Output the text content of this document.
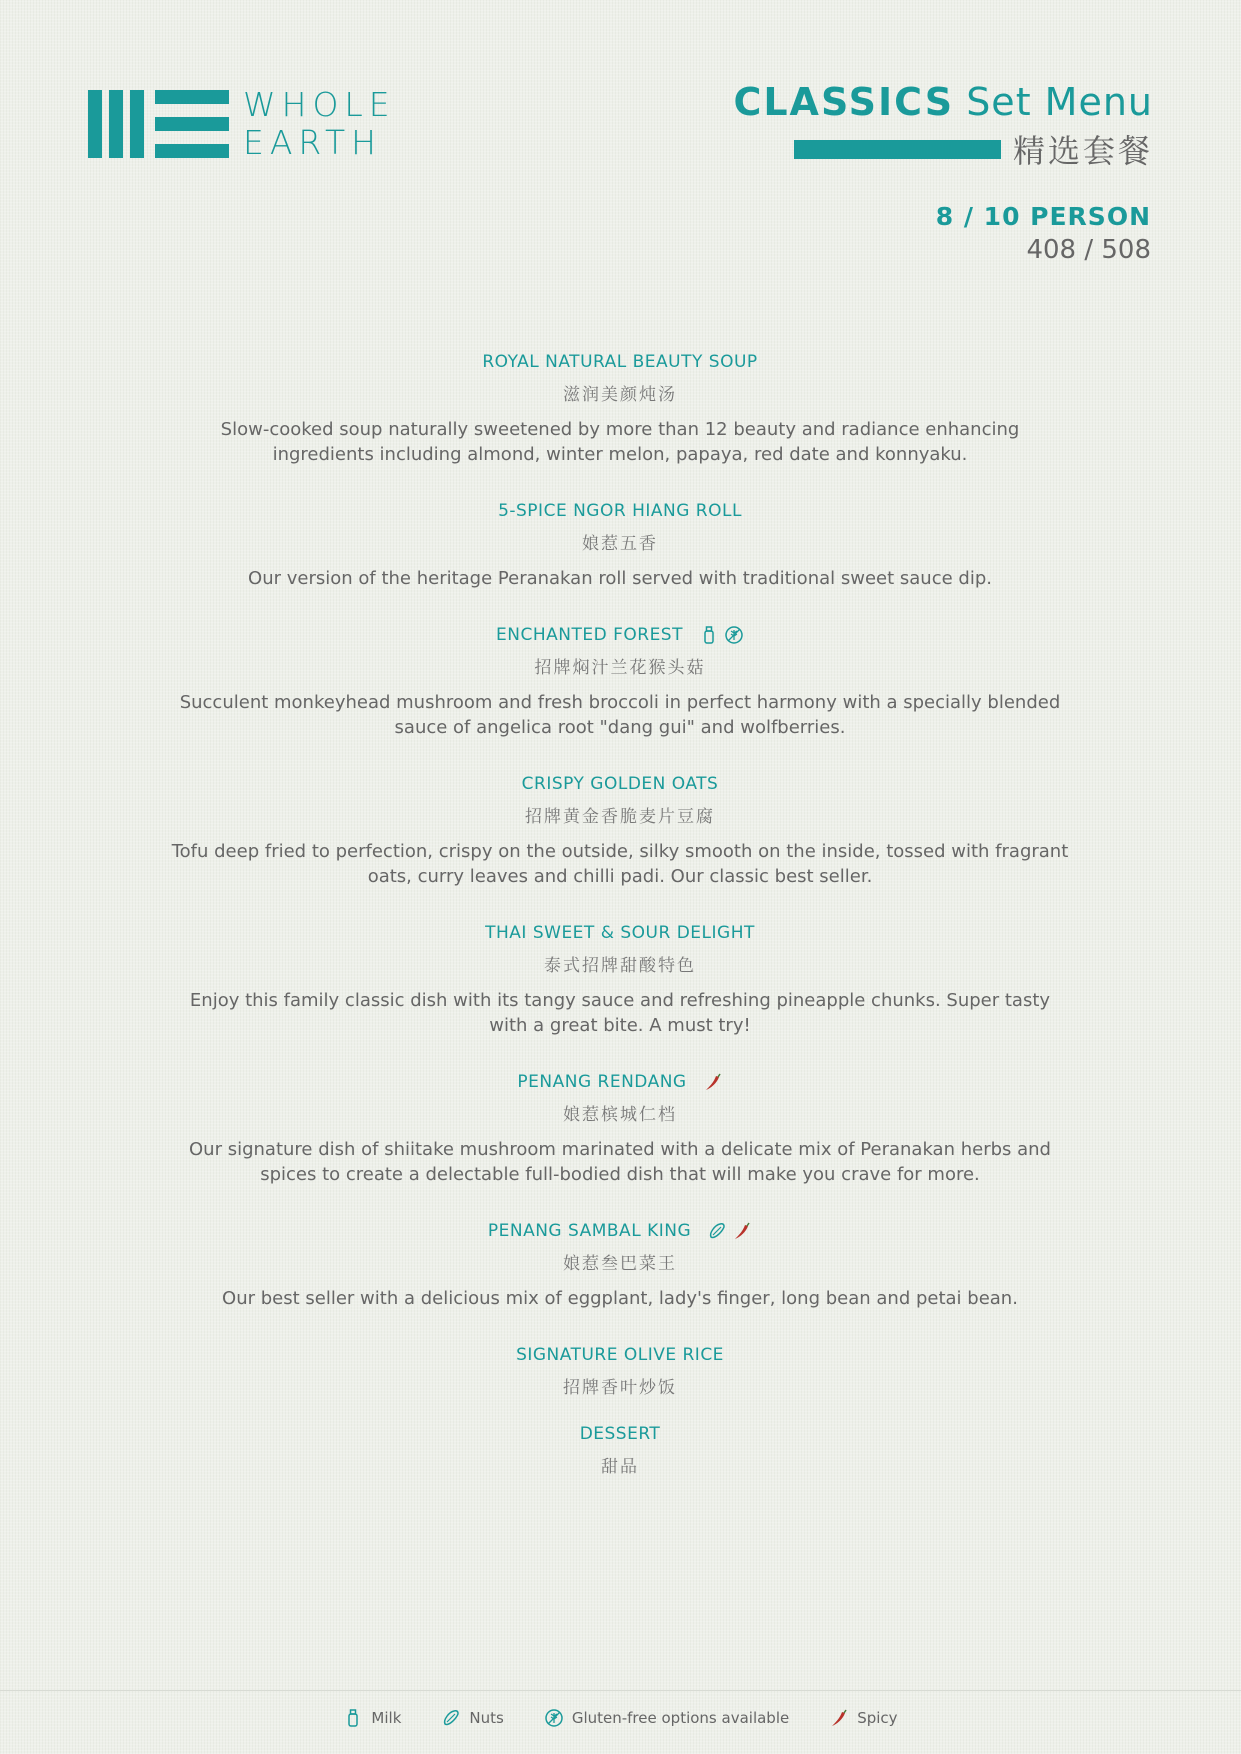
WHOLE
EARTH
CLASSICS Set Menu
精选套餐
8 / 10 PERSON
408 / 508
ROYAL NATURAL BEAUTY SOUP
滋润美颜炖汤
Slow-cooked soup naturally sweetened by more than 12 beauty and radiance enhancing ingredients including almond, winter melon, papaya, red date and konnyaku.
5-SPICE NGOR HIANG ROLL
娘惹五香
Our version of the heritage Peranakan roll served with traditional sweet sauce dip.
ENCHANTED FOREST
招牌焖汁兰花猴头菇
Succulent monkeyhead mushroom and fresh broccoli in perfect harmony with a specially blended sauce of angelica root "dang gui" and wolfberries.
CRISPY GOLDEN OATS
招牌黄金香脆麦片豆腐
Tofu deep fried to perfection, crispy on the outside, silky smooth on the inside, tossed with fragrant oats, curry leaves and chilli padi. Our classic best seller.
THAI SWEET & SOUR DELIGHT
泰式招牌甜酸特色
Enjoy this family classic dish with its tangy sauce and refreshing pineapple chunks. Super tasty with a great bite. A must try!
PENANG RENDANG
娘惹槟城仁档
Our signature dish of shiitake mushroom marinated with a delicate mix of Peranakan herbs and spices to create a delectable full-bodied dish that will make you crave for more.
PENANG SAMBAL KING
娘惹叁巴菜王
Our best seller with a delicious mix of eggplant, lady's finger, long bean and petai bean.
SIGNATURE OLIVE RICE
招牌香叶炒饭
DESSERT
甜品
Milk	Nuts	Gluten-free options available	Spicy
